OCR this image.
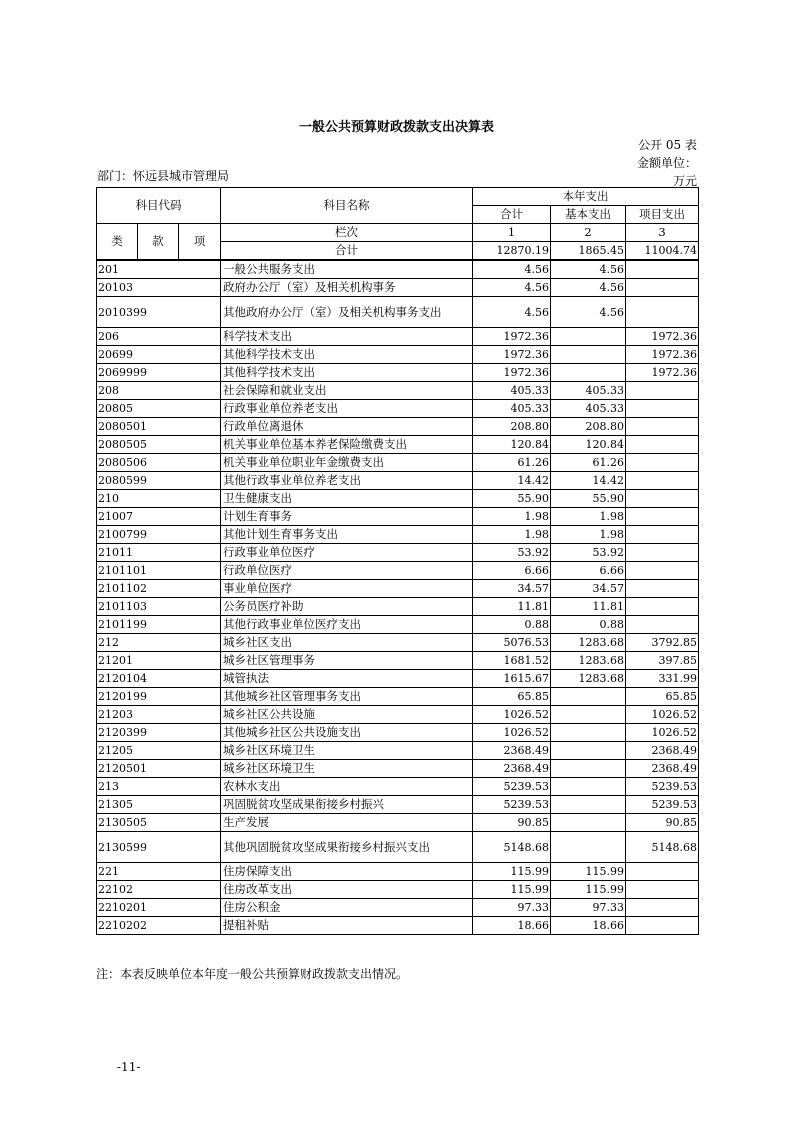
一般公共预算财政拨款支出决算表
公开 05 表
金额单位：
万元
部门：怀远县城市管理局
科目代码			科目名称	本年支出		
				合计	基本支出	项目支出
类	款	项	栏次	1	2	3
			合计	12870.19	1865.45	11004.74
201			一般公共服务支出	4.56	4.56	
20103			政府办公厅（室）及相关机构事务	4.56	4.56	
2010399			其他政府办公厅（室）及相关机构事务支出	4.56	4.56	
206			科学技术支出	1972.36		1972.36
20699			其他科学技术支出	1972.36		1972.36
2069999			其他科学技术支出	1972.36		1972.36
208			社会保障和就业支出	405.33	405.33	
20805			行政事业单位养老支出	405.33	405.33	
2080501			行政单位离退休	208.80	208.80	
2080505			机关事业单位基本养老保险缴费支出	120.84	120.84	
2080506			机关事业单位职业年金缴费支出	61.26	61.26	
2080599			其他行政事业单位养老支出	14.42	14.42	
210			卫生健康支出	55.90	55.90	
21007			计划生育事务	1.98	1.98	
2100799			其他计划生育事务支出	1.98	1.98	
21011			行政事业单位医疗	53.92	53.92	
2101101			行政单位医疗	6.66	6.66	
2101102			事业单位医疗	34.57	34.57	
2101103			公务员医疗补助	11.81	11.81	
2101199			其他行政事业单位医疗支出	0.88	0.88	
212			城乡社区支出	5076.53	1283.68	3792.85
21201			城乡社区管理事务	1681.52	1283.68	397.85
2120104			城管执法	1615.67	1283.68	331.99
2120199			其他城乡社区管理事务支出	65.85		65.85
21203			城乡社区公共设施	1026.52		1026.52
2120399			其他城乡社区公共设施支出	1026.52		1026.52
21205			城乡社区环境卫生	2368.49		2368.49
2120501			城乡社区环境卫生	2368.49		2368.49
213			农林水支出	5239.53		5239.53
21305			巩固脱贫攻坚成果衔接乡村振兴	5239.53		5239.53
2130505			生产发展	90.85		90.85
2130599			其他巩固脱贫攻坚成果衔接乡村振兴支出	5148.68		5148.68
221			住房保障支出	115.99	115.99	
22102			住房改革支出	115.99	115.99	
2210201			住房公积金	97.33	97.33	
2210202			提租补贴	18.66	18.66	
注：本表反映单位本年度一般公共预算财政拨款支出情况。
-11-
